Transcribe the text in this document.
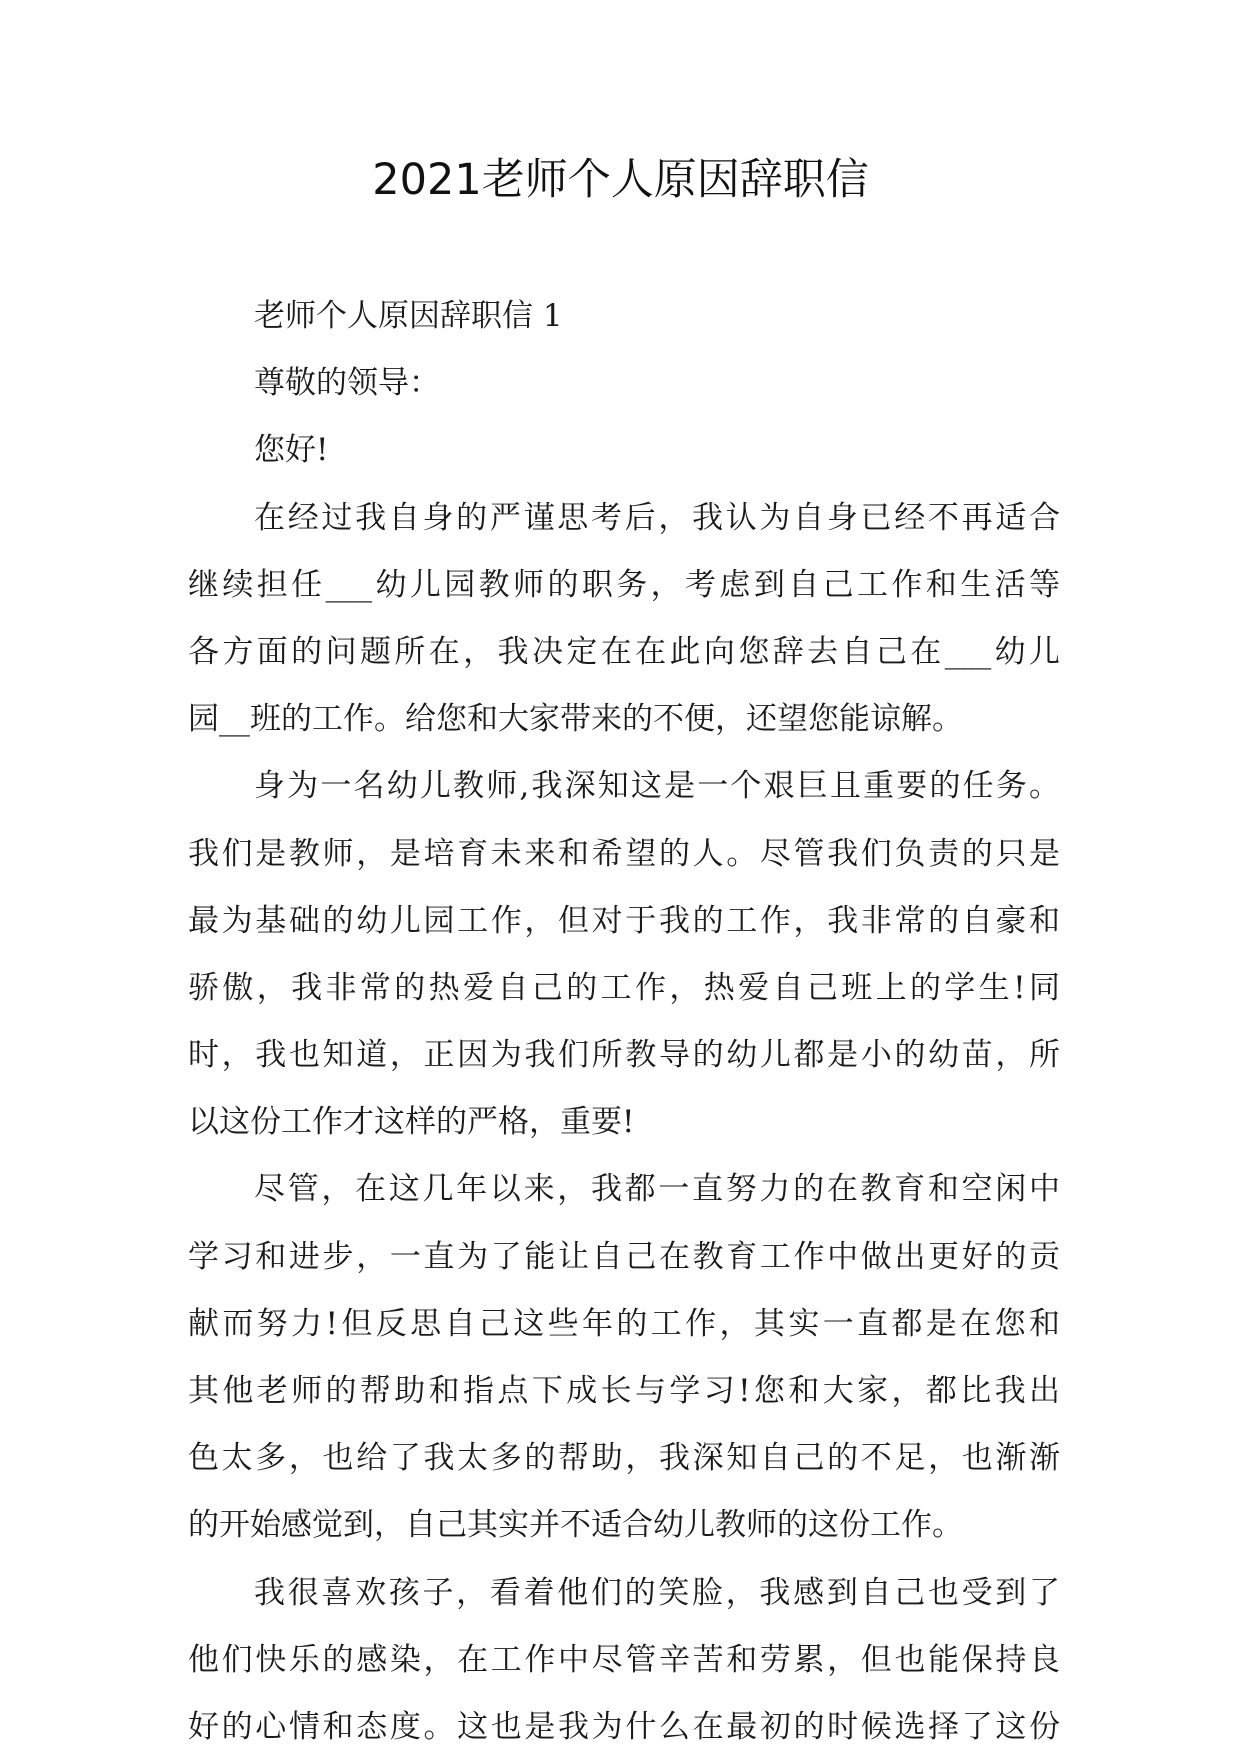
2021老师个人原因辞职信
老师个人原因辞职信 1
尊敬的领导：
您好!
在经过我自身的严谨思考后，我认为自身已经不再适合
继续担任___幼儿园教师的职务，考虑到自己工作和生活等
各方面的问题所在，我决定在在此向您辞去自己在___幼儿
园__班的工作。给您和大家带来的不便，还望您能谅解。
身为一名幼儿教师,我深知这是一个艰巨且重要的任务。
我们是教师，是培育未来和希望的人。尽管我们负责的只是
最为基础的幼儿园工作，但对于我的工作，我非常的自豪和
骄傲，我非常的热爱自己的工作，热爱自己班上的学生!同
时，我也知道，正因为我们所教导的幼儿都是小的幼苗，所
以这份工作才这样的严格，重要!
尽管，在这几年以来，我都一直努力的在教育和空闲中
学习和进步，一直为了能让自己在教育工作中做出更好的贡
献而努力!但反思自己这些年的工作，其实一直都是在您和
其他老师的帮助和指点下成长与学习!您和大家，都比我出
色太多，也给了我太多的帮助，我深知自己的不足，也渐渐
的开始感觉到，自己其实并不适合幼儿教师的这份工作。
我很喜欢孩子，看着他们的笑脸，我感到自己也受到了
他们快乐的感染，在工作中尽管辛苦和劳累，但也能保持良
好的心情和态度。这也是我为什么在最初的时候选择了这份
